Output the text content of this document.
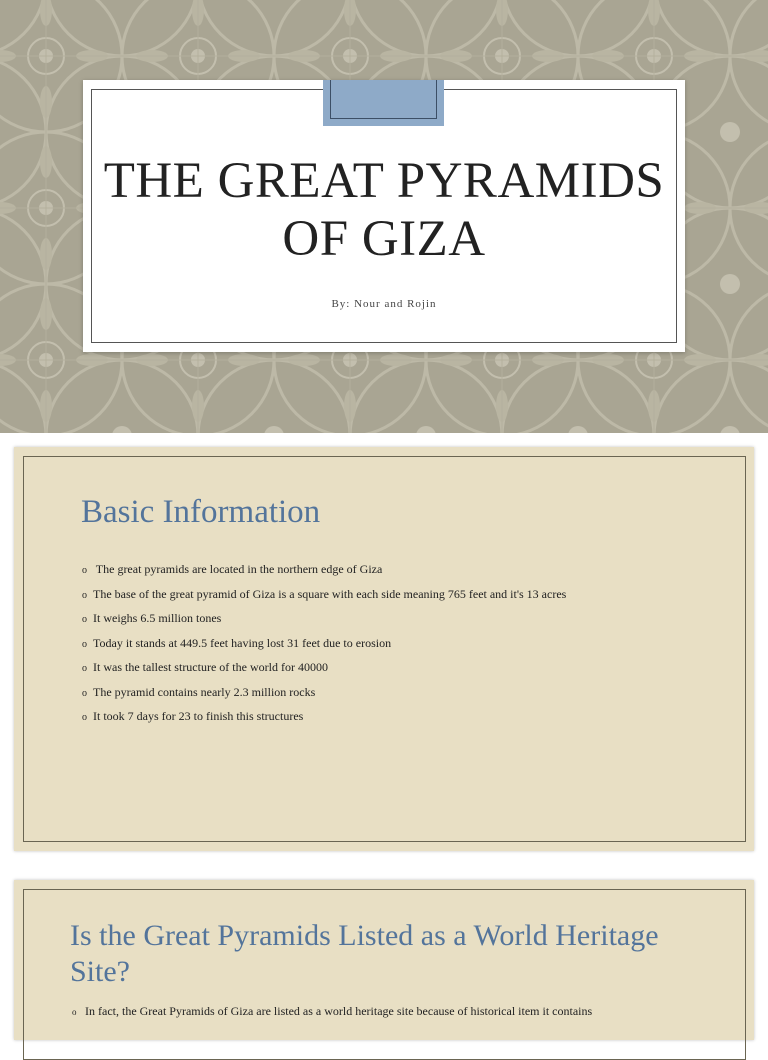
THE GREAT PYRAMIDS OF GIZA
By: Nour and Rojin
Basic Information
o The great pyramids are located in the northern edge of Giza
o The base of the great pyramid of Giza is a square with each side meaning 765 feet and it's 13 acres
o It weighs 6.5 million tones
o Today it stands at 449.5 feet having lost 31 feet due to erosion
o It was the tallest structure of the world for 40000
o The pyramid contains nearly 2.3 million rocks
o It took 7 days for 23 to finish this structures
Is the Great Pyramids Listed as a World Heritage Site?

o In fact, the Great Pyramids of Giza are listed as a world heritage site because of historical item it contains
